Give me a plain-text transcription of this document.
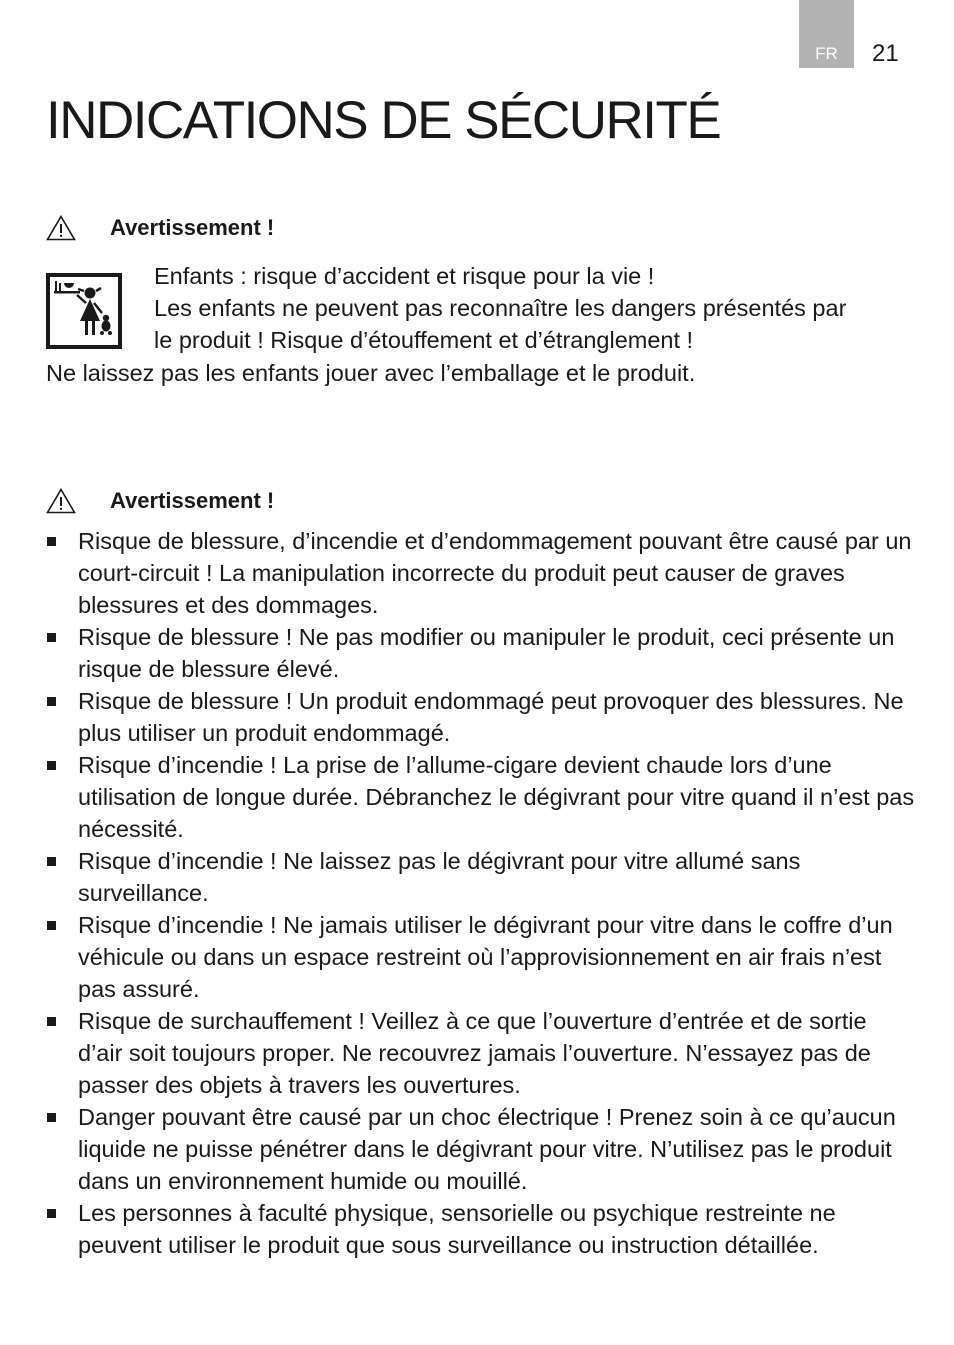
FR 21
INDICATIONS DE SÉCURITÉ
Avertissement !
Enfants : risque d’accident et risque pour la vie !
Les enfants ne peuvent pas reconnaître les dangers présentés par
le produit ! Risque d’étouffement et d’étranglement !
Ne laissez pas les enfants jouer avec l’emballage et le produit.
Avertissement !
Risque de blessure, d’incendie et d’endommagement pouvant être causé par un court-circuit ! La manipulation incorrecte du produit peut causer de graves blessures et des dommages.
Risque de blessure ! Ne pas modifier ou manipuler le produit, ceci présente un risque de blessure élevé.
Risque de blessure ! Un produit endommagé peut provoquer des blessures. Ne plus utiliser un produit endommagé.
Risque d’incendie ! La prise de l’allume-cigare devient chaude lors d’une utilisation de longue durée. Débranchez le dégivrant pour vitre quand il n’est pas nécessité.
Risque d’incendie ! Ne laissez pas le dégivrant pour vitre allumé sans surveillance.
Risque d’incendie ! Ne jamais utiliser le dégivrant pour vitre dans le coffre d’un véhicule ou dans un espace restreint où l’approvisionnement en air frais n’est pas assuré.
Risque de surchauffement ! Veillez à ce que l’ouverture d’entrée et de sortie d’air soit toujours proper. Ne recouvrez jamais l’ouverture. N’essayez pas de passer des objets à travers les ouvertures.
Danger pouvant être causé par un choc électrique ! Prenez soin à ce qu’aucun liquide ne puisse pénétrer dans le dégivrant pour vitre. N’utilisez pas le produit dans un environnement humide ou mouillé.
Les personnes à faculté physique, sensorielle ou psychique restreinte ne peuvent utiliser le produit que sous surveillance ou instruction détaillée.
